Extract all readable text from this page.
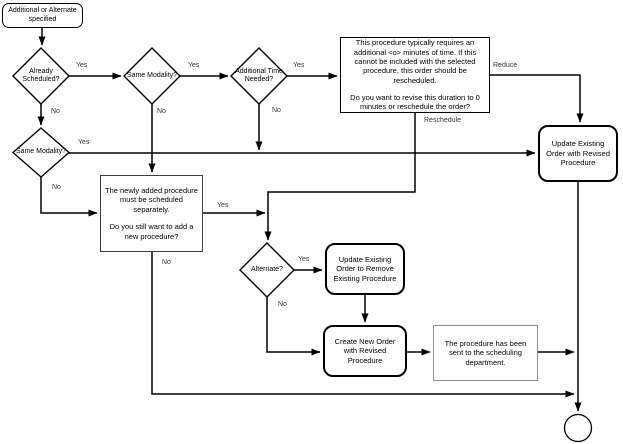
Additional or Alternate specified
This procedure typically requires an additional <o> minutes of time. If this cannot be included with the selected procedure, this order should be rescheduled.
Do you want to revise this duration to 0 minutes or reschedule the order?
Update Existing Order with Revised Procedure
The newly added procedure must be scheduled separately.
Do you still want to add a new procedure?
Update Existing Order to Remove Existing Procedure
Create New Order with Revised Procedure
The procedure has been sent to the scheduling department.
Already Scheduled?
Same Modality?
Additional Time Needed?
Same Modality?
Alternate?
Yes
No
Yes
No
Yes
No
Reduce
Reschedule
Yes
No
Yes
No	Yes
No
